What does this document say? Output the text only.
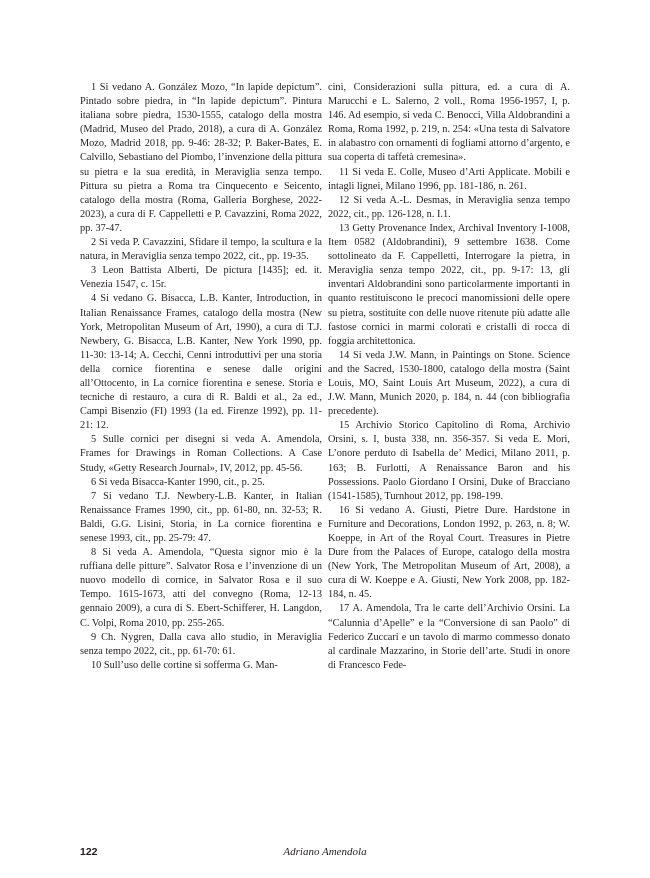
1 Si vedano A. González Mozo, “In lapide depictum”. Pintado sobre piedra, in “In lapide depictum”. Pintura italiana sobre piedra, 1530-1555, catalogo della mostra (Madrid, Museo del Prado, 2018), a cura di A. González Mozo, Madrid 2018, pp. 9-46: 28-32; P. Baker-Bates, E. Calvillo, Sebastiano del Piombo, l’invenzione della pittura su pietra e la sua eredità, in Meraviglia senza tempo. Pittura su pietra a Roma tra Cinquecento e Seicento, catalogo della mostra (Roma, Galleria Borghese, 2022-2023), a cura di F. Cappelletti e P. Cavazzini, Roma 2022, pp. 37-47.

2 Si veda P. Cavazzini, Sfidare il tempo, la scultura e la natura, in Meraviglia senza tempo 2022, cit., pp. 19-35.

3 Leon Battista Alberti, De pictura [1435]; ed. it. Venezia 1547, c. 15r.

4 Si vedano G. Bisacca, L.B. Kanter, Introduction, in Italian Renaissance Frames, catalogo della mostra (New York, Metropolitan Museum of Art, 1990), a cura di T.J. Newbery, G. Bisacca, L.B. Kanter, New York 1990, pp. 11-30: 13-14; A. Cecchi, Cenni introduttivi per una storia della cornice fiorentina e senese dalle origini all’Ottocento, in La cornice fiorentina e senese. Storia e tecniche di restauro, a cura di R. Baldi et al., 2a ed., Campi Bisenzio (FI) 1993 (1a ed. Firenze 1992), pp. 11-21: 12.

5 Sulle cornici per disegni si veda A. Amendola, Frames for Drawings in Roman Collections. A Case Study, «Getty Research Journal», IV, 2012, pp. 45-56.

6 Si veda Bisacca-Kanter 1990, cit., p. 25.

7 Si vedano T.J. Newbery-L.B. Kanter, in Italian Renaissance Frames 1990, cit., pp. 61-80, nn. 32-53; R. Baldi, G.G. Lisini, Storia, in La cornice fiorentina e senese 1993, cit., pp. 25-79: 47.

8 Si veda A. Amendola, “Questa signor mio è la ruffiana delle pitture”. Salvator Rosa e l’invenzione di un nuovo modello di cornice, in Salvator Rosa e il suo Tempo. 1615-1673, atti del convegno (Roma, 12-13 gennaio 2009), a cura di S. Ebert-Schifferer, H. Langdon, C. Volpi, Roma 2010, pp. 255-265.

9 Ch. Nygren, Dalla cava allo studio, in Meraviglia senza tempo 2022, cit., pp. 61-70: 61.

10 Sull’uso delle cortine si sofferma G. Man-

cini, Considerazioni sulla pittura, ed. a cura di A. Marucchi e L. Salerno, 2 voll., Roma 1956-1957, I, p. 146. Ad esempio, si veda C. Benocci, Villa Aldobrandini a Roma, Roma 1992, p. 219, n. 254: «Una testa di Salvatore in alabastro con ornamenti di fogliami attorno d’argento, e sua coperta di taffetà cremesina».

11 Si veda E. Colle, Museo d’Arti Applicate. Mobili e intagli lignei, Milano 1996, pp. 181-186, n. 261.

12 Si veda A.-L. Desmas, in Meraviglia senza tempo 2022, cit., pp. 126-128, n. I.1.

13 Getty Provenance Index, Archival Inventory I-1008, Item 0582 (Aldobrandini), 9 settembre 1638. Come sottolineato da F. Cappelletti, Interrogare la pietra, in Meraviglia senza tempo 2022, cit., pp. 9-17: 13, gli inventari Aldobrandini sono particolarmente importanti in quanto restituiscono le precoci manomissioni delle opere su pietra, sostituite con delle nuove ritenute più adatte alle fastose cornici in marmi colorati e cristalli di rocca di foggia architettonica.

14 Si veda J.W. Mann, in Paintings on Stone. Science and the Sacred, 1530-1800, catalogo della mostra (Saint Louis, MO, Saint Louis Art Museum, 2022), a cura di J.W. Mann, Munich 2020, p. 184, n. 44 (con bibliografia precedente).

15 Archivio Storico Capitolino di Roma, Archivio Orsini, s. I, busta 338, nn. 356-357. Si veda E. Mori, L’onore perduto di Isabella de’ Medici, Milano 2011, p. 163; B. Furlotti, A Renaissance Baron and his Possessions. Paolo Giordano I Orsini, Duke of Bracciano (1541-1585), Turnhout 2012, pp. 198-199.

16 Si vedano A. Giusti, Pietre Dure. Hardstone in Furniture and Decorations, London 1992, p. 263, n. 8; W. Koeppe, in Art of the Royal Court. Treasures in Pietre Dure from the Palaces of Europe, catalogo della mostra (New York, The Metropolitan Museum of Art, 2008), a cura di W. Koeppe e A. Giusti, New York 2008, pp. 182-184, n. 45.

17 A. Amendola, Tra le carte dell’Archivio Orsini. La “Calunnia d’Apelle” e la “Conversione di san Paolo” di Federico Zuccari e un tavolo di marmo commesso donato al cardinale Mazzarino, in Storie dell’arte. Studi in onore di Francesco Fede-

122	Adriano Amendola
